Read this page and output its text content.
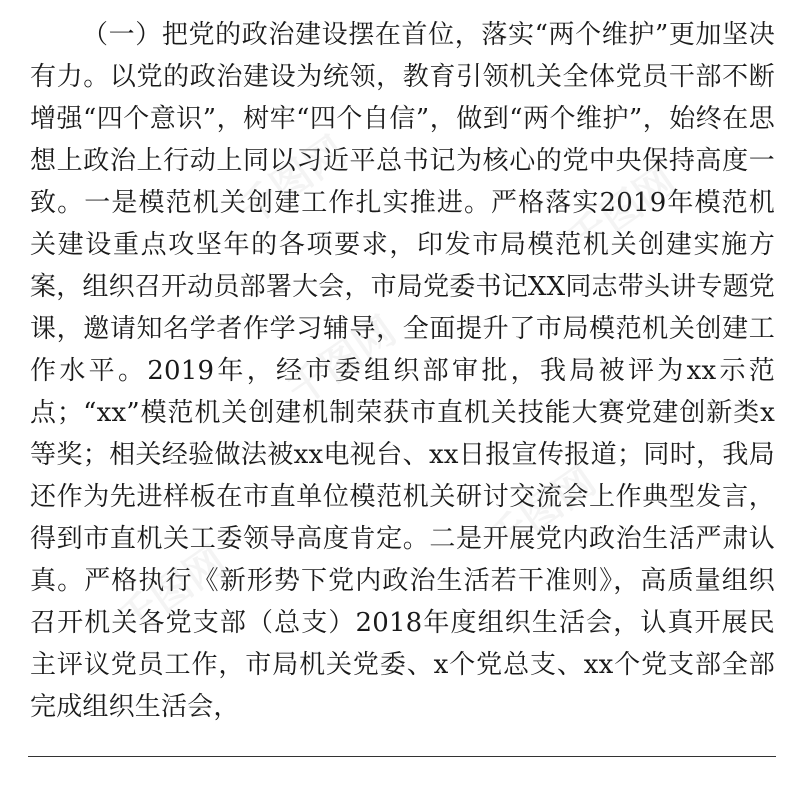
（一）把党的政治建设摆在首位，落实“两个维护”更加坚决有力。以党的政治建设为统领，教育引领机关全体党员干部不断增强“四个意识”，树牢“四个自信”，做到“两个维护”，始终在思想上政治上行动上同以习近平总书记为核心的党中央保持高度一致。一是模范机关创建工作扎实推进。严格落实2019年模范机关建设重点攻坚年的各项要求，印发市局模范机关创建实施方案，组织召开动员部署大会，市局党委书记XX同志带头讲专题党课，邀请知名学者作学习辅导，全面提升了市局模范机关创建工作水平。2019年，经市委组织部审批，我局被评为xx示范点；“xx”模范机关创建机制荣获市直机关技能大赛党建创新类x等奖；相关经验做法被xx电视台、xx日报宣传报道；同时，我局还作为先进样板在市直单位模范机关研讨交流会上作典型发言，得到市直机关工委领导高度肯定。二是开展党内政治生活严肃认真。严格执行《新形势下党内政治生活若干准则》，高质量组织召开机关各党支部（总支）2018年度组织生活会，认真开展民主评议党员工作，市局机关党委、x个党总支、xx个党支部全部完成组织生活会，

千图网	千图网
千图网
千图网
千图网
